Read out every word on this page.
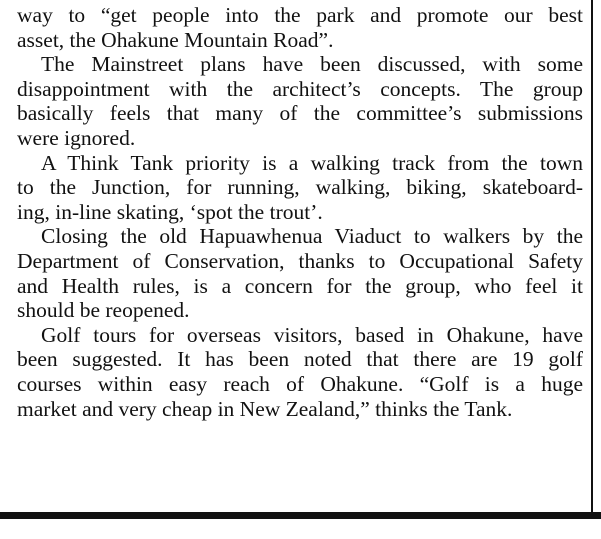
way to “get people into the park and promote our best
asset, the Ohakune Mountain Road”.

The Mainstreet plans have been discussed, with some
disappointment with the architect’s concepts. The group
basically feels that many of the committee’s submissions
were ignored.

A Think Tank priority is a walking track from the town
to the Junction, for running, walking, biking, skateboard-
ing, in-line skating, ‘spot the trout’.

Closing the old Hapuawhenua Viaduct to walkers by the
Department of Conservation, thanks to Occupational Safety
and Health rules, is a concern for the group, who feel it
should be reopened.

Golf tours for overseas visitors, based in Ohakune, have
been suggested. It has been noted that there are 19 golf
courses within easy reach of Ohakune. “Golf is a huge
market and very cheap in New Zealand,” thinks the Tank.
